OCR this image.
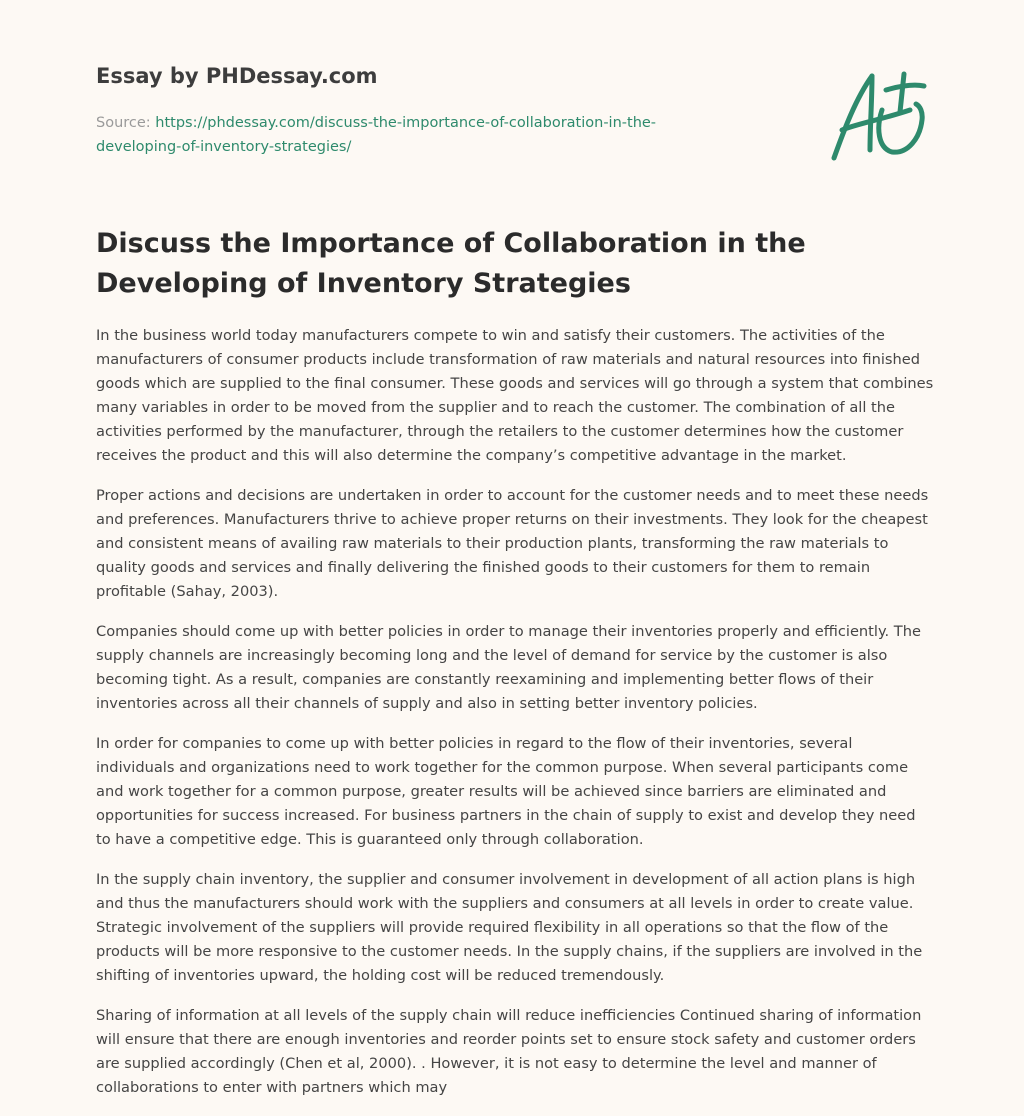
Essay by PHDessay.com
Source: https://phdessay.com/discuss-the-importance-of-collaboration-in-the-developing-of-inventory-strategies/
Discuss the Importance of Collaboration in the Developing of Inventory Strategies

In the business world today manufacturers compete to win and satisfy their customers. The activities of the manufacturers of consumer products include transformation of raw materials and natural resources into finished goods which are supplied to the final consumer. These goods and services will go through a system that combines many variables in order to be moved from the supplier and to reach the customer. The combination of all the activities performed by the manufacturer, through the retailers to the customer determines how the customer receives the product and this will also determine the company’s competitive advantage in the market.

Proper actions and decisions are undertaken in order to account for the customer needs and to meet these needs and preferences. Manufacturers thrive to achieve proper returns on their investments. They look for the cheapest and consistent means of availing raw materials to their production plants, transforming the raw materials to quality goods and services and finally delivering the finished goods to their customers for them to remain profitable (Sahay, 2003).

Companies should come up with better policies in order to manage their inventories properly and efficiently. The supply channels are increasingly becoming long and the level of demand for service by the customer is also becoming tight. As a result, companies are constantly reexamining and implementing better flows of their inventories across all their channels of supply and also in setting better inventory policies.

In order for companies to come up with better policies in regard to the flow of their inventories, several individuals and organizations need to work together for the common purpose. When several participants come and work together for a common purpose, greater results will be achieved since barriers are eliminated and opportunities for success increased. For business partners in the chain of supply to exist and develop they need to have a competitive edge. This is guaranteed only through collaboration.

In the supply chain inventory, the supplier and consumer involvement in development of all action plans is high and thus the manufacturers should work with the suppliers and consumers at all levels in order to create value. Strategic involvement of the suppliers will provide required flexibility in all operations so that the flow of the products will be more responsive to the customer needs. In the supply chains, if the suppliers are involved in the shifting of inventories upward, the holding cost will be reduced tremendously.

Sharing of information at all levels of the supply chain will reduce inefficiencies Continued sharing of information will ensure that there are enough inventories and reorder points set to ensure stock safety and customer orders are supplied accordingly (Chen et al, 2000). . However, it is not easy to determine the level and manner of collaborations to enter with partners which may
